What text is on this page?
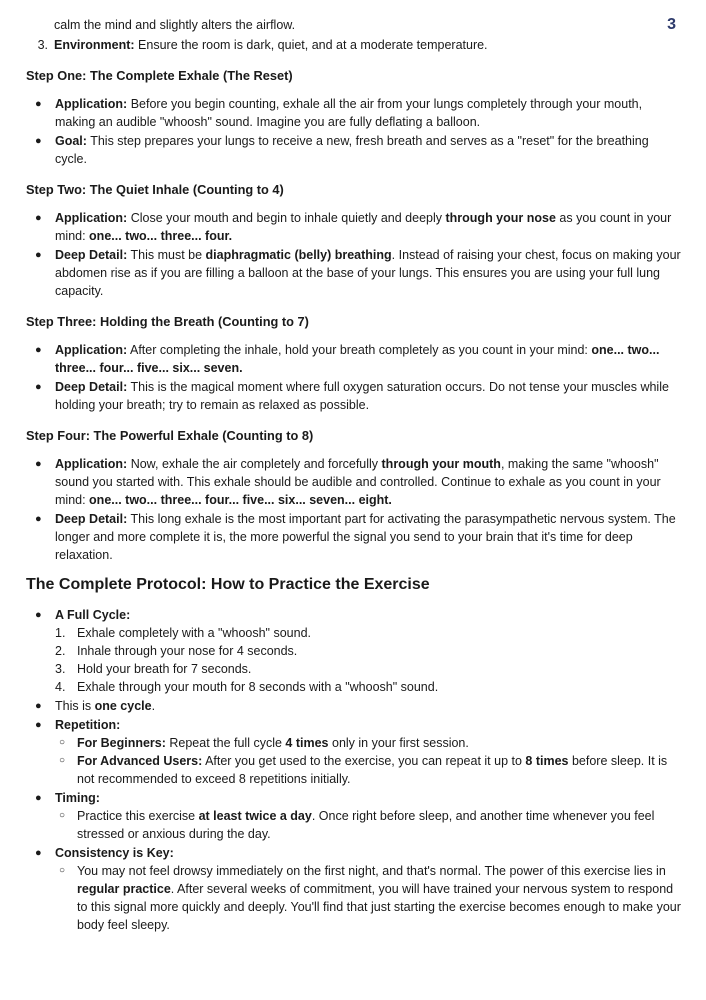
3

calm the mind and slightly alters the airflow.

3. Environment: Ensure the room is dark, quiet, and at a moderate temperature.
Step One: The Complete Exhale (The Reset)
● Application: Before you begin counting, exhale all the air from your lungs completely through your mouth, making an audible "whoosh" sound. Imagine you are fully deflating a balloon.
● Goal: This step prepares your lungs to receive a new, fresh breath and serves as a "reset" for the breathing cycle.
Step Two: The Quiet Inhale (Counting to 4)
● Application: Close your mouth and begin to inhale quietly and deeply through your nose as you count in your mind: one... two... three... four.
● Deep Detail: This must be diaphragmatic (belly) breathing. Instead of raising your chest, focus on making your abdomen rise as if you are filling a balloon at the base of your lungs. This ensures you are using your full lung capacity.
Step Three: Holding the Breath (Counting to 7)
● Application: After completing the inhale, hold your breath completely as you count in your mind: one... two... three... four... five... six... seven.
● Deep Detail: This is the magical moment where full oxygen saturation occurs. Do not tense your muscles while holding your breath; try to remain as relaxed as possible.
Step Four: The Powerful Exhale (Counting to 8)
● Application: Now, exhale the air completely and forcefully through your mouth, making the same "whoosh" sound you started with. This exhale should be audible and controlled. Continue to exhale as you count in your mind: one... two... three... four... five... six... seven... eight.
● Deep Detail: This long exhale is the most important part for activating the parasympathetic nervous system. The longer and more complete it is, the more powerful the signal you send to your brain that it's time for deep relaxation.
The Complete Protocol: How to Practice the Exercise
● A Full Cycle:
1. Exhale completely with a "whoosh" sound.
2. Inhale through your nose for 4 seconds.
3. Hold your breath for 7 seconds.
4. Exhale through your mouth for 8 seconds with a "whoosh" sound.
● This is one cycle.
● Repetition:
○ For Beginners: Repeat the full cycle 4 times only in your first session.
○ For Advanced Users: After you get used to the exercise, you can repeat it up to 8 times before sleep. It is not recommended to exceed 8 repetitions initially.
● Timing:
○ Practice this exercise at least twice a day. Once right before sleep, and another time whenever you feel stressed or anxious during the day.
● Consistency is Key:
○ You may not feel drowsy immediately on the first night, and that's normal. The power of this exercise lies in regular practice. After several weeks of commitment, you will have trained your nervous system to respond to this signal more quickly and deeply. You'll find that just starting the exercise becomes enough to make your body feel sleepy.
